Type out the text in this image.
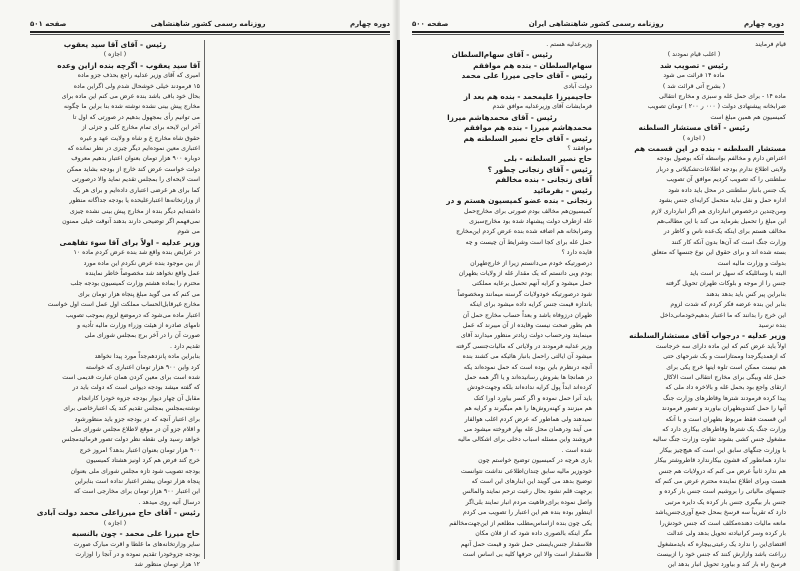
دوره چهارم
روزنامه رسمی کشور شاهنشاهی
صفحه ۵۰۱

رئیس - آقای آقا سید یعقوب

( اجازه )

آقا سید یعقوب - اگرچه بنده ازاین وعده

امیری که آقای وزیر عدلیه راجع بحذف جزو ماده

۱۵ فرمودند خیلی خوشحال شدم ولی اگراین ماده

بحال خود باقی باشد بنده عرض می کنم این ماده برای

مخارج پیش بینی نشده نوشته شده بنا براین ما چگونه

می توانیم رأی بمجهول بدهیم در صورتی که اول تا

آخر این لایحه برای تمام مخارج کلی و جزئی از

حقوق شاه مخارج ع و شاه و ولایت عهد و غیره

اعتباری معین نموده‌ایم دیگر چیزی در نظر نمانده که

دوباره ۹۰۰ هزار تومان بعنوان اعتبار بدهیم معروف

دولت خواست عرض کند خارج از بودجه بشاید ممکن

است لایحه‌ای را بمجلس تقدیم نماید والا درصورتی

کما برای هر غرضی اعتباری داده‌ایم و برای هر یک

از وزارتخانه‌ها اعتبارعلیحده یا بودجه جداگانه منظور

داشته‌ایم دیگر بنده از مخارج پیش بینی نشده چیزی

نمی‌فهمم اگر توضیحی دارند بدهند آنوقت خیلی ممنون

می شوم

وزیر عدلیه - اولاً برای آقا سوء تفاهمی

در عرایض بنده واقع شد بنده عرض کردم ماده ۱۰

از بین موجود بنده عرض نکردم این ماده مورد

عمل واقع نخواهد شد مخصوصاً خاطر نماینده

محترم را بماده هشتم وزارت کمیسیون بودجه جلب

می کنم که می گوید مبلغ پنجاه هزار تومان برای

مخارج غیرقابل‌الحساب مملکت اول عمل است اول خواست

اعتبار ماده می‌شود که درموضع لزوم بموجب تصویب

نامهای صادره از هیئت وزراء وزارت مالیه تأدیه و

صورت آن را در آخر برج بمجلس شورای ملی

تقدیم دارد .

بنابراین ماده پانزدهم‌جداً مورد پیدا نخواهد

کرد واین ۹۰۰ هزار تومان اعتباری که خواسته

شده است برای معین کردن همان عبارت قدیمی است

که گفته میشد بودجه دیوانی است که دولت باید در

مقابل آن چهار دیوار بودجه جزوه خودرا کارانجام

نوشته‌بمجلس بمجلس تقدیم کند یک اعتبارخاصی برای

برای اعتبار آنچه که در بودجه جزو باید منظورشود

و اقلام جزو آن در موقع لاطلاع مجلس شورای ملی

خواهد رسید ولی نقطه نظر دولت تصور فرمائیدمجلس

۹۰۰ هزار تومان بعنوان اعتبار بدهد؟ امروز خرج

خرج کند فرض هم کرد اونیز هشتاد کمیسیون

بودجه تصویب شود تازه مجلس شورای ملی بعنوان

پنجاه هزار تومان بیشتر اعتبار نداده است بنابراین

این اعتبار ۹۰۰ هزار تومان برای مخارجی است که

درسال آتیه روی میدهد .

رئیس - آقای حاج میرزاعلی محمد دولت آبادی

( اجازه )

حاج میرزا علی محمد - چون بالنسبه

سایر وزارتخانه‌های ما غلطا و اقرت مبارک صورت

بودجه جزوخودرا تقدیم نموده و در آنجا را اوزارت

۱۲ هزار تومان منظور شد

دوره چهارم
روزنامه رسمی کشور شاهنشاهی ایران
صفحه ۵۰۰

وزیرعدلیه هستم .

رئیس - آقای سهام‌السلطان

سهام‌السلطان - بنده هم موافقم

رئیس - آقای حاجی میرزا علی محمد

دولت آبادی

حاجیمیرزا علیمحمد - بنده هم بعد از

فرمایشات آقای وزیرعدلیه موافق شدم

رئیس - آقای محمدهاشم میرزا

محمدهاشم میرزا - بنده هم موافقم

رئیس - آقای حاج نصیر السلطنه هم

موافقند ؟

حاج نصیر السلطنه - بلی

رئیس - آقای زنجانی چطور ؟

آقای زنجانی - بنده مخالفم

رئیس - بفرمائید

زنجانی - بنده عضو کمیسیون هستم و در

کمیسیون‌هم مخالف بودم صورتی برای مخارج‌حمل

غله ازطرف دولت پیشنهاد شده بود مخارج‌سبزی

وضرابخانه هم اضافه شده بنده عرض کردم این‌مخارج

حمل غله برای کجا است وشرایط آن چیست و چه

فایده دارد ؟

درصورتیکه خودم می‌دانستم زیرا از خارج‌طهران

بودم وبی دانستم که یک مقدار غله از ولایات بطهران

حمل میشود و کرایه آنهم تحمیل برعایه مملکتی

شود درصورتیکه خودولایات گرسنه میمانند ومخصوصاً

باندازه قیمت جنس کرایه داده میشود برای اینکه

طهران درزوفاه باشد و بعداً حساب مخارج حمل آن

هم بطور صحت نیست وفایده از آن میبرند که عمل

مینمایند ودرحساب دولت زیادتر منظور میدارند آقای

وزیر عدلیه فرمودند در ولایاتی که مالیات‌جنسی گرفته

میشود آن ایالتی راحمل بانبار هائیکه می کشند بنده

آنچه درنظرم باین بوده است که حمل نموده‌اند یکه

در همانجا ها بفروش رسانیده‌اند و یا اگر همه حمل

کرده‌اند ابداً پول کرایه نداده‌اند بلکه وجهت‌خودش

باید آنرا حمل نموده و اگر کسر بیاورد اورا کتک

هم میزنند و کهنه‌روش‌ها را هم میگیرند و کرایه هم

نمیدهند ولی هماطور که عرض کردم اغلب هوالفار

می آیند ودرهمان محل غله بهار فروخته میشود می

فروشند واین مسئله اسباب دخلی برای اشکالی مالیه

شده است .

باری هرچه در کمیسیون توضیح خواستم چون

خودوزیر مالیه سابق چندان‌اطلاعی نداشت نتوانست

توضیح بدهد می گویند این ابنارهای این است که

برجهت قلم نشود بحال رعیت ترحم نمایند والمالس

واصل نموده برای‌رفاهیت مردم انبار نمایند بلی‌اگر

اینطور بوده بنده هم این اعتبار را تصویب می کردم

یکی چون بنده ازاساس‌مطلب مطلعم از این‌جهت‌مخالفم

مگر اینکه بالصوری داده شود که از فلان مکان

فلاسقدار جنس‌بایستی حمل شود و قیمت حمل آنهم

فلاسقدار است والا این حرفها کلیه بی اساس است

قیام فرمایند

( اغلب قیام نمودند )

رئیس - تصویب شد

ماده ۱۴ قرائت می شود

( بشرح آتی قرائت شد )

ماده ۱۴ - برای حمل غله و سبزی و مخارج انتقالی

ضرابخانه پیشنهادی دولت ( ۰۰۰ ر ۲۰۰ ) تومان تصویب

کمیسیون هم همین مبلغ است

رئیس - آقای مستشار السلطنه

( اجازه )

مستشار السلطنه - بنده در این قسمت هم

اعتراض دارم و مخالفم بواسطه آنکه بوصول بودجه

ولایتی اطلاع ندارم بودجه اطلاعات‌تشکیلاتی و دربار

سلطنتی را که تصویب کردیم موافق آن تصویب

یک جنس بانبار سلطنتی در محل باید داده شود

اداره حمل و نقل نباید متحمل کرایه‌ای جنس بشود

ومن‌چندین درخصوص انبارداری هم اگر انبارداری لازم

این مبلغ را تحمیل بفرماید می کند با این مطالب‌هم

مخالف هستم برای اینکه یک‌عده ناس و کاظر در

وزارت جنگ است که آن‌ها بدون آنکه کار کنند

بسته شده اند و برای حقوق این نوع جنسها که متعلق

بدولت و وزارت مالیه است

البته با وسائلیکه که سهل تر است باید

جنس را از موجه و بلوکات طهران تحویل گرفته

بنابراین پیر کس باید بدهد بدهند

بنابر این بنده عرضه فکر کردم که شدت لزوم

این خرج را بدانند که ما اعتبار بدهیم‌خودمانی‌داخل

بنده نرسید

وزیر عدلیه - درجواب آقای مستشارالسلطنه

اولاً باید عرض کنم که این ماده دارای سه خرجاست

که ازهمدیگرجدا وممتازاست و یک شرحهای حتی

هم نیست ممکن است تلوه اینها خرج یکی برای

حمل غله وبیگی برای مخارج انتقالی است الاکال

ارتقای واجع بود بحمل غله و بالاخره داد ملی که

پیدا کرده فرمودند شترها وقاطرهای وزارت جنگ

آنها را حمل کنندوبطهران بیاورند و تصور فرمودند

این قسمت فقط مربوط بطهران است و با آنکه

وزارت جنگ یک شترها وقاطرهای بیکاری دارد که

مشغول جنس کشی بشوند تفاوت وزارت جنگ سالیه

با وزارت جنگهای سابق این است که هیچ‌چیز بیکار

ندارد همانطور که قشون بیکارندارد قاطروشتر بیکار

هم ندارد ثانیاً عرض می کنم که درولایات هم جنس

هست وبرای اطلاع نماینده محترم عرض می کنم که

جنسهای مالیاتی را بروشیم است جنس بار کرده و

جنس بار بیگیری جنس بار کرده یک دایره مرتبی

دارد که تقریباً سه فرسخ بمحل جمع آوری‌جنس‌باشد

مانعه مالیات دهنده‌مکلف است که جنس خودش‌را

بار کرده وسر کرانیادته تحویل بدهد ولی عدالت

اقتضای‌این را ندارد یک رعیتی‌بیچاره که بایدمشغول

زراعت باشد وازارش کنند که جنس خود را ازبیست

فرسخ راه بار کند و بیاورد تحویل انبار بدهد این
